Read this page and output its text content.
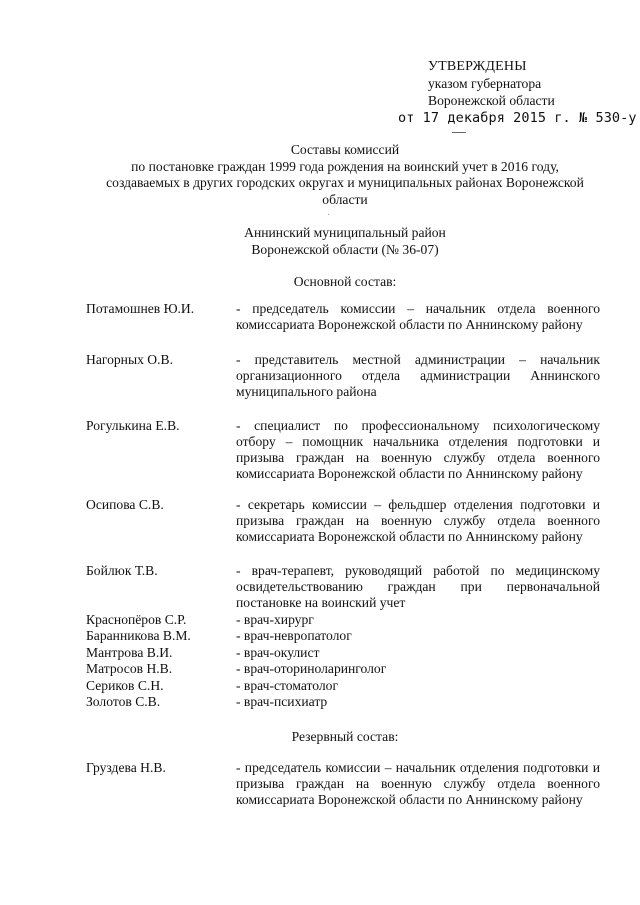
УТВЕРЖДЕНЫ
указом губернатора
Воронежской области
от 17 декабря 2015 г. № 530-у
Составы комиссий
по постановке граждан 1999 года рождения на воинский учет в 2016 году,
создаваемых в других городских округах и муниципальных районах Воронежской
области
Аннинский муниципальный район
Воронежской области (№ 36-07)
Основной состав:
Потамошнев Ю.И.	- председатель комиссии – начальник отдела военного комиссариата Воронежской области по Аннинскому району
Нагорных О.В.	- представитель местной администрации – начальник организационного отдела администрации Аннинского муниципального района
Рогулькина Е.В.	- специалист по профессиональному психологическому отбору – помощник начальника отделения подготовки и призыва граждан на военную службу отдела военного комиссариата Воронежской области по Аннинскому району
Осипова С.В.	- секретарь комиссии – фельдшер отделения подготовки и призыва граждан на военную службу отдела военного комиссариата Воронежской области по Аннинскому району
Бойлюк Т.В.	- врач-терапевт, руководящий работой по медицинскому освидетельствованию граждан при первоначальной постановке на воинский учет
Краснопёров С.Р.	- врач-хирург
Баранникова В.М.	- врач-невропатолог
Мантрова В.И.	- врач-окулист
Матросов Н.В.	- врач-оториноларинголог
Сериков С.Н.	- врач-стоматолог
Золотов С.В.	- врач-психиатр
Резервный состав:
Груздева Н.В.	- председатель комиссии – начальник отделения подготовки и призыва граждан на военную службу отдела военного комиссариата Воронежской области по Аннинскому району
